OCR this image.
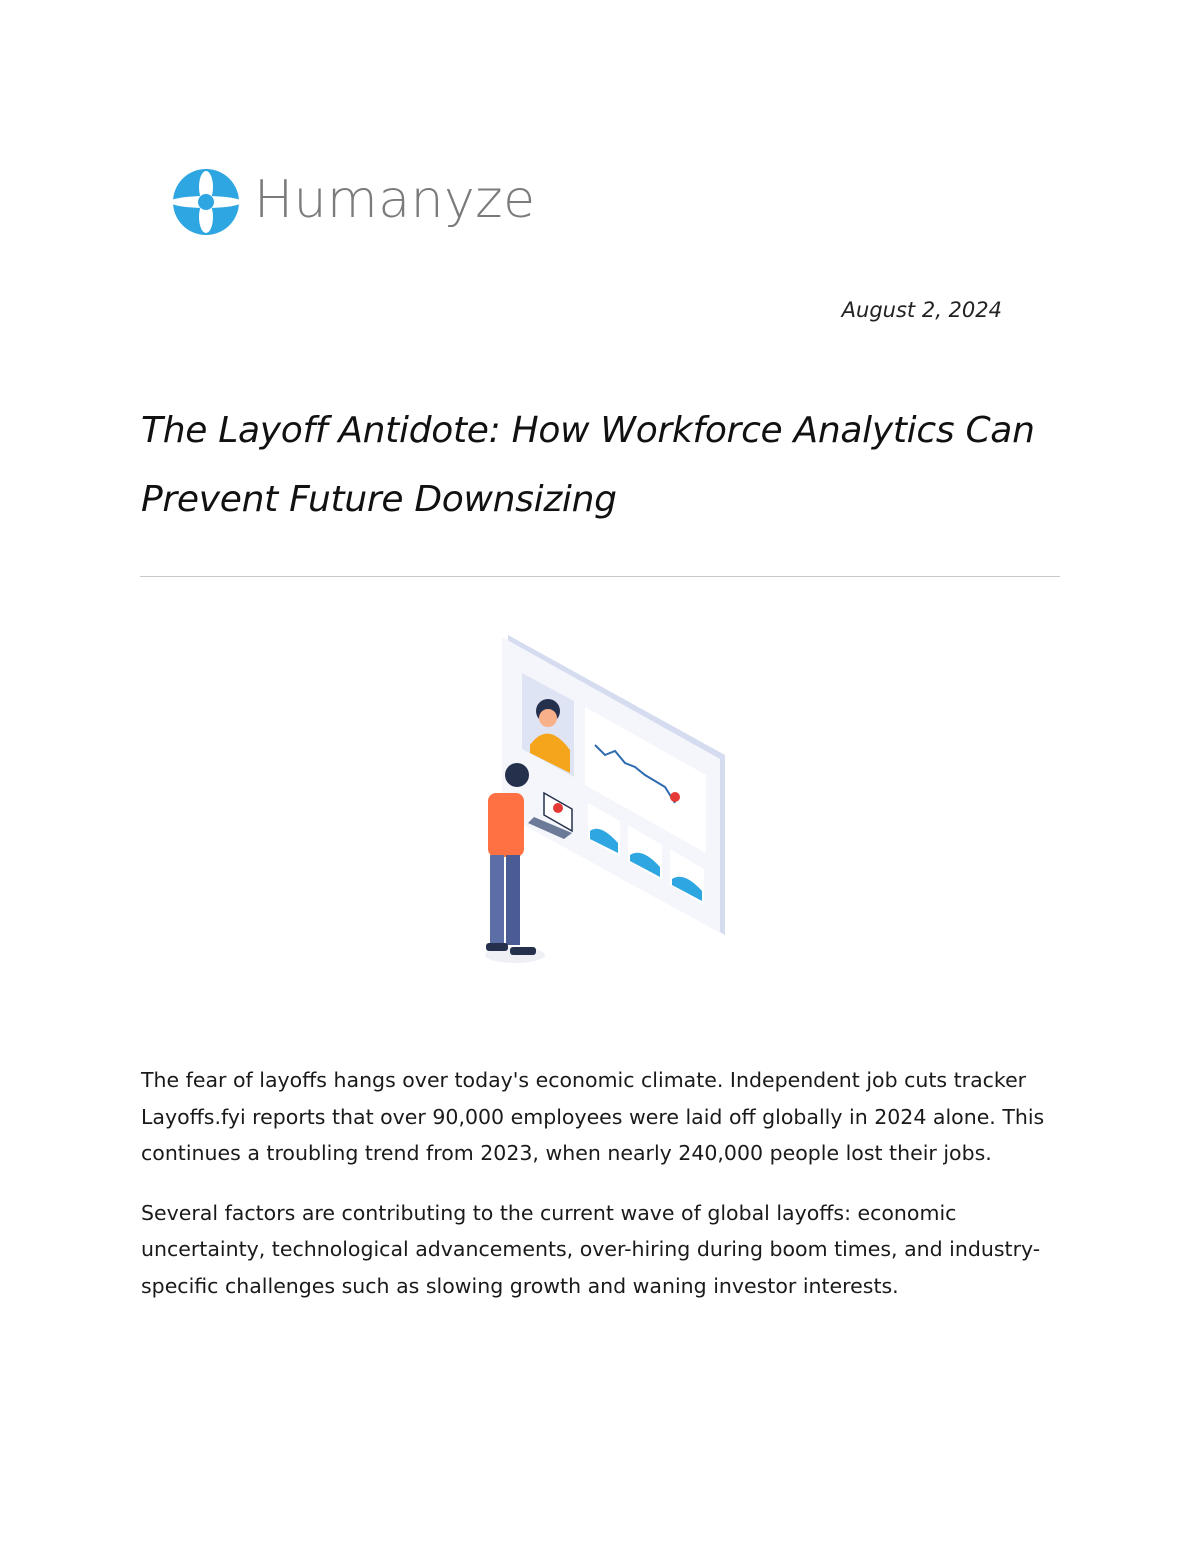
Humanyze
August 2, 2024
The Layoff Antidote: How Workforce Analytics Can Prevent Future Downsizing

The fear of layoffs hangs over today's economic climate. Independent job cuts tracker Layoffs.fyi reports that over 90,000 employees were laid off globally in 2024 alone. This continues a troubling trend from 2023, when nearly 240,000 people lost their jobs.

Several factors are contributing to the current wave of global layoffs: economic uncertainty, technological advancements, over-hiring during boom times, and industry-specific challenges such as slowing growth and waning investor interests.
